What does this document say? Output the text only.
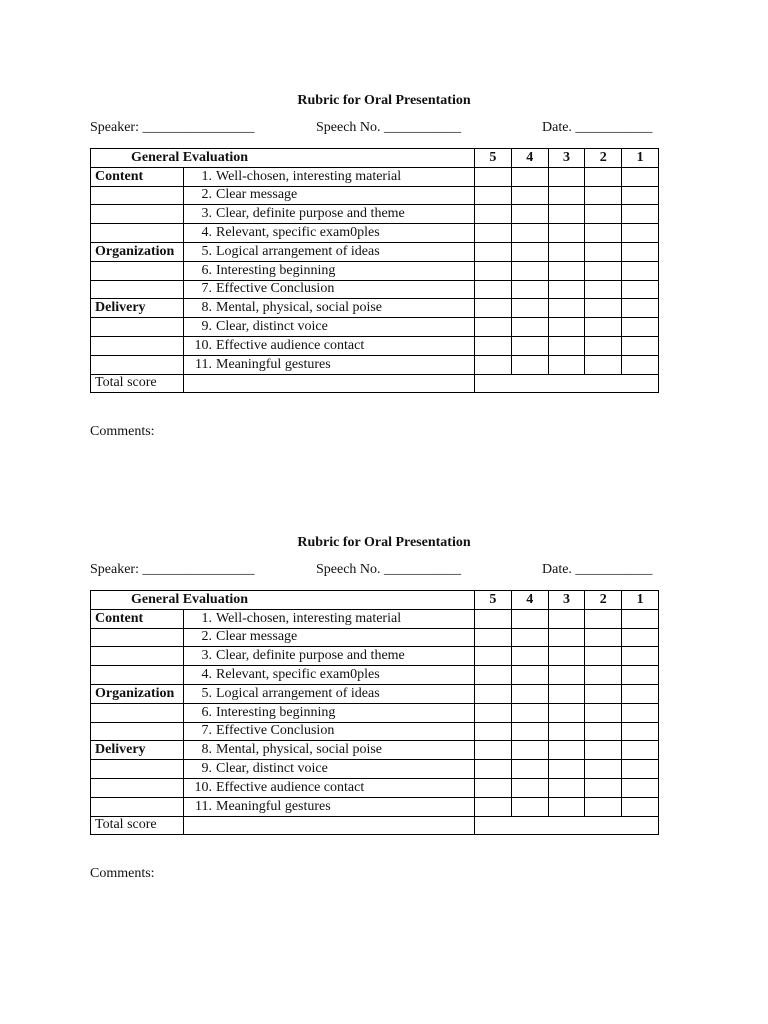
Rubric for Oral Presentation
Speaker: ________________	Speech No. ___________	Date. ___________
General Evaluation		5	4	3	2	1
Content	1. Well-chosen, interesting material					
	2. Clear message					
	3. Clear, definite purpose and theme					
	4. Relevant, specific exam0ples					
Organization	5. Logical arrangement of ideas					
	6. Interesting beginning					
	7. Effective Conclusion					
Delivery	8. Mental, physical, social poise					
	9. Clear, distinct voice					
	10. Effective audience contact					
	11. Meaningful gestures					
Total score						
Comments:
Rubric for Oral Presentation
Speaker: ________________	Speech No. ___________	Date. ___________
General Evaluation		5	4	3	2	1
Content	1. Well-chosen, interesting material					
	2. Clear message					
	3. Clear, definite purpose and theme					
	4. Relevant, specific exam0ples					
Organization	5. Logical arrangement of ideas					
	6. Interesting beginning					
	7. Effective Conclusion					
Delivery	8. Mental, physical, social poise					
	9. Clear, distinct voice					
	10. Effective audience contact					
	11. Meaningful gestures					
Total score						
Comments:
